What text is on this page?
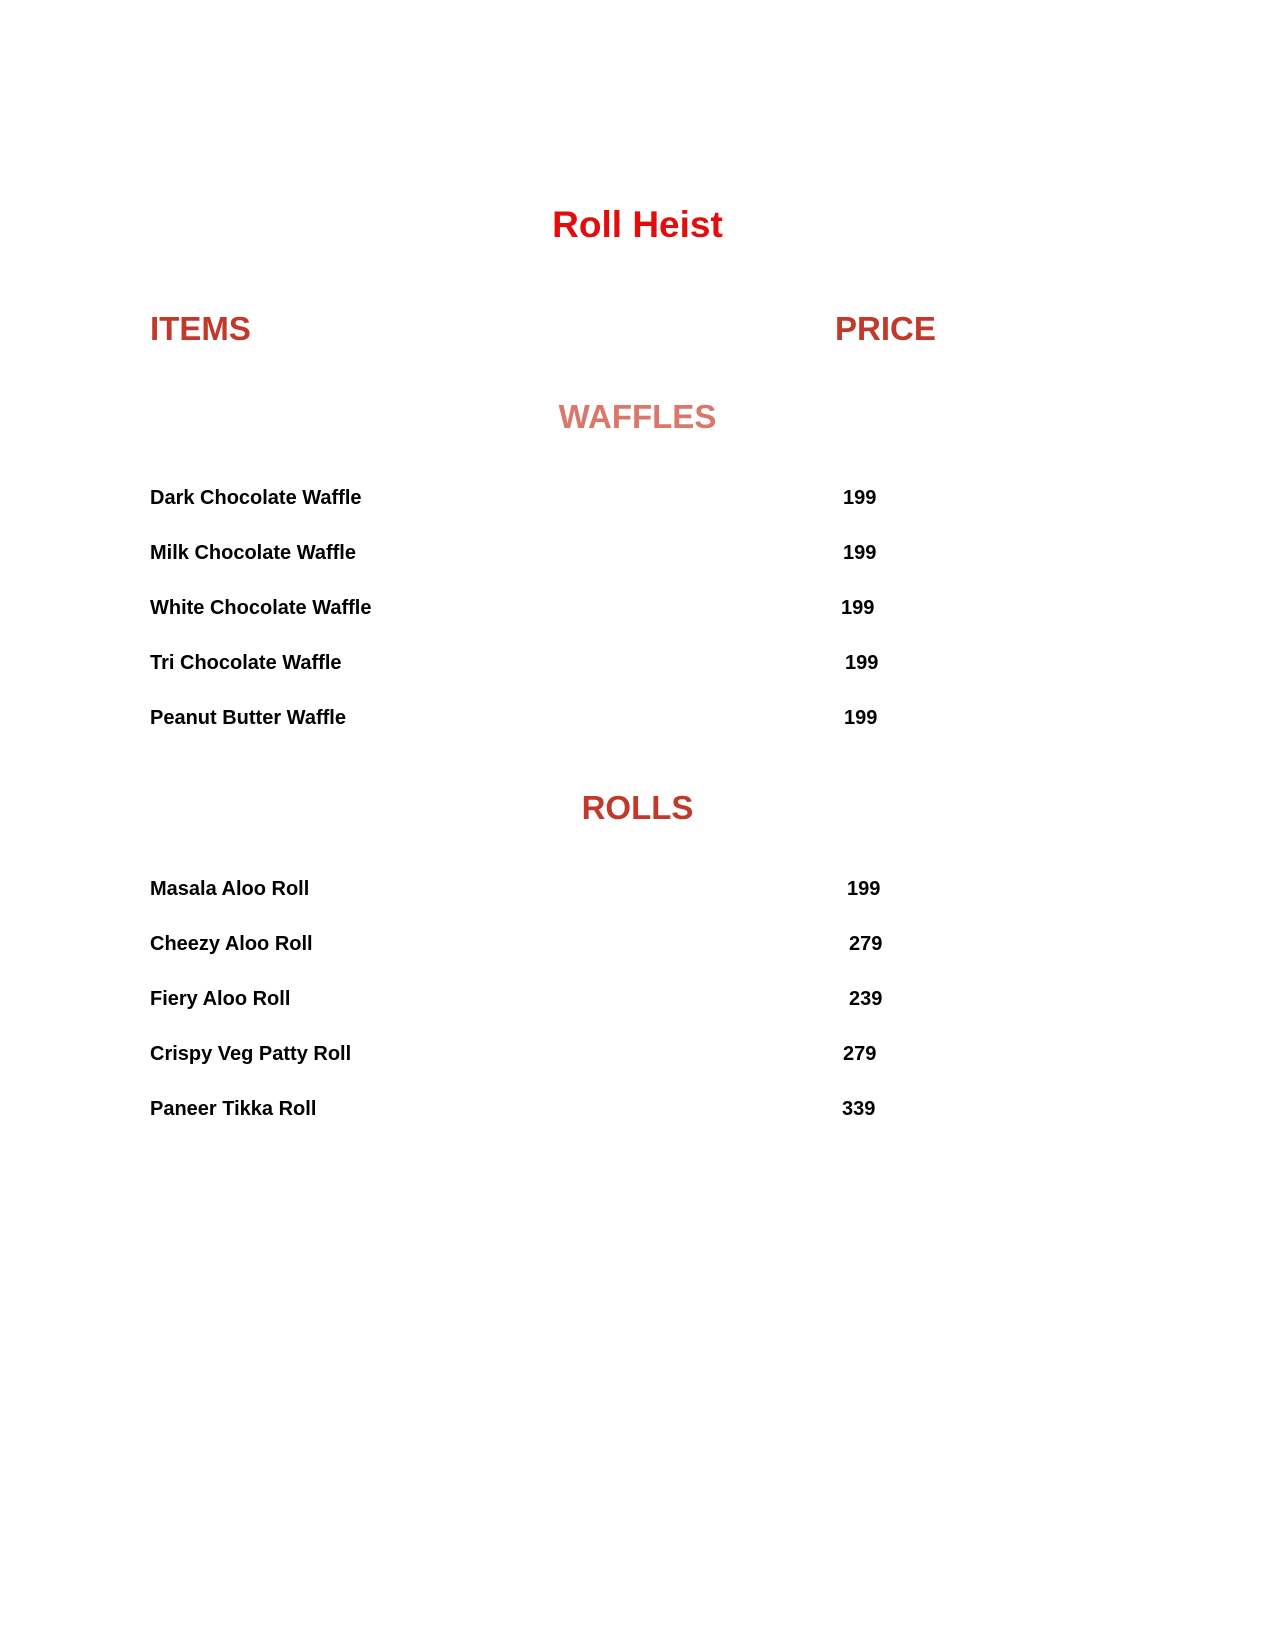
Roll Heist
ITEMS	PRICE
WAFFLES
Dark Chocolate Waffle	199
Milk Chocolate Waffle	199
White Chocolate Waffle	199
Tri Chocolate Waffle	199
Peanut Butter Waffle	199
ROLLS
Masala Aloo Roll	199
Cheezy Aloo Roll	279
Fiery Aloo Roll	239
Crispy Veg Patty Roll	279
Paneer Tikka Roll	339
